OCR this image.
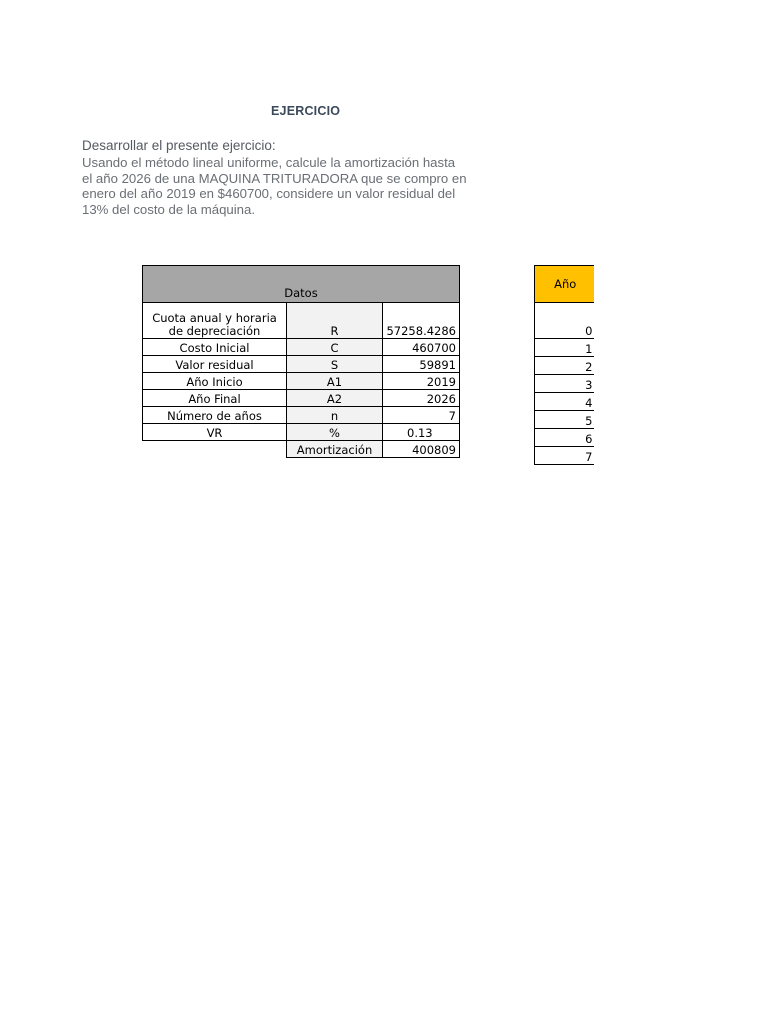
EJERCICIO
Desarrollar el presente ejercicio:
Usando el método lineal uniforme, calcule la amortización hasta
el año 2026 de una MAQUINA TRITURADORA que se compro en
enero del año 2019 en $460700, considere un valor residual del
13% del costo de la máquina.
Datos		

Cuota anual y horaria
de depreciación	R	57258.4286
Costo Inicial	C	460700
Valor residual	S	59891
Año Inicio	A1	2019
Año Final	A2	2026
Número de años	n	7
VR	%	0.13
	Amortización	400809
Año
0
1
2
3
4
5
6
7
